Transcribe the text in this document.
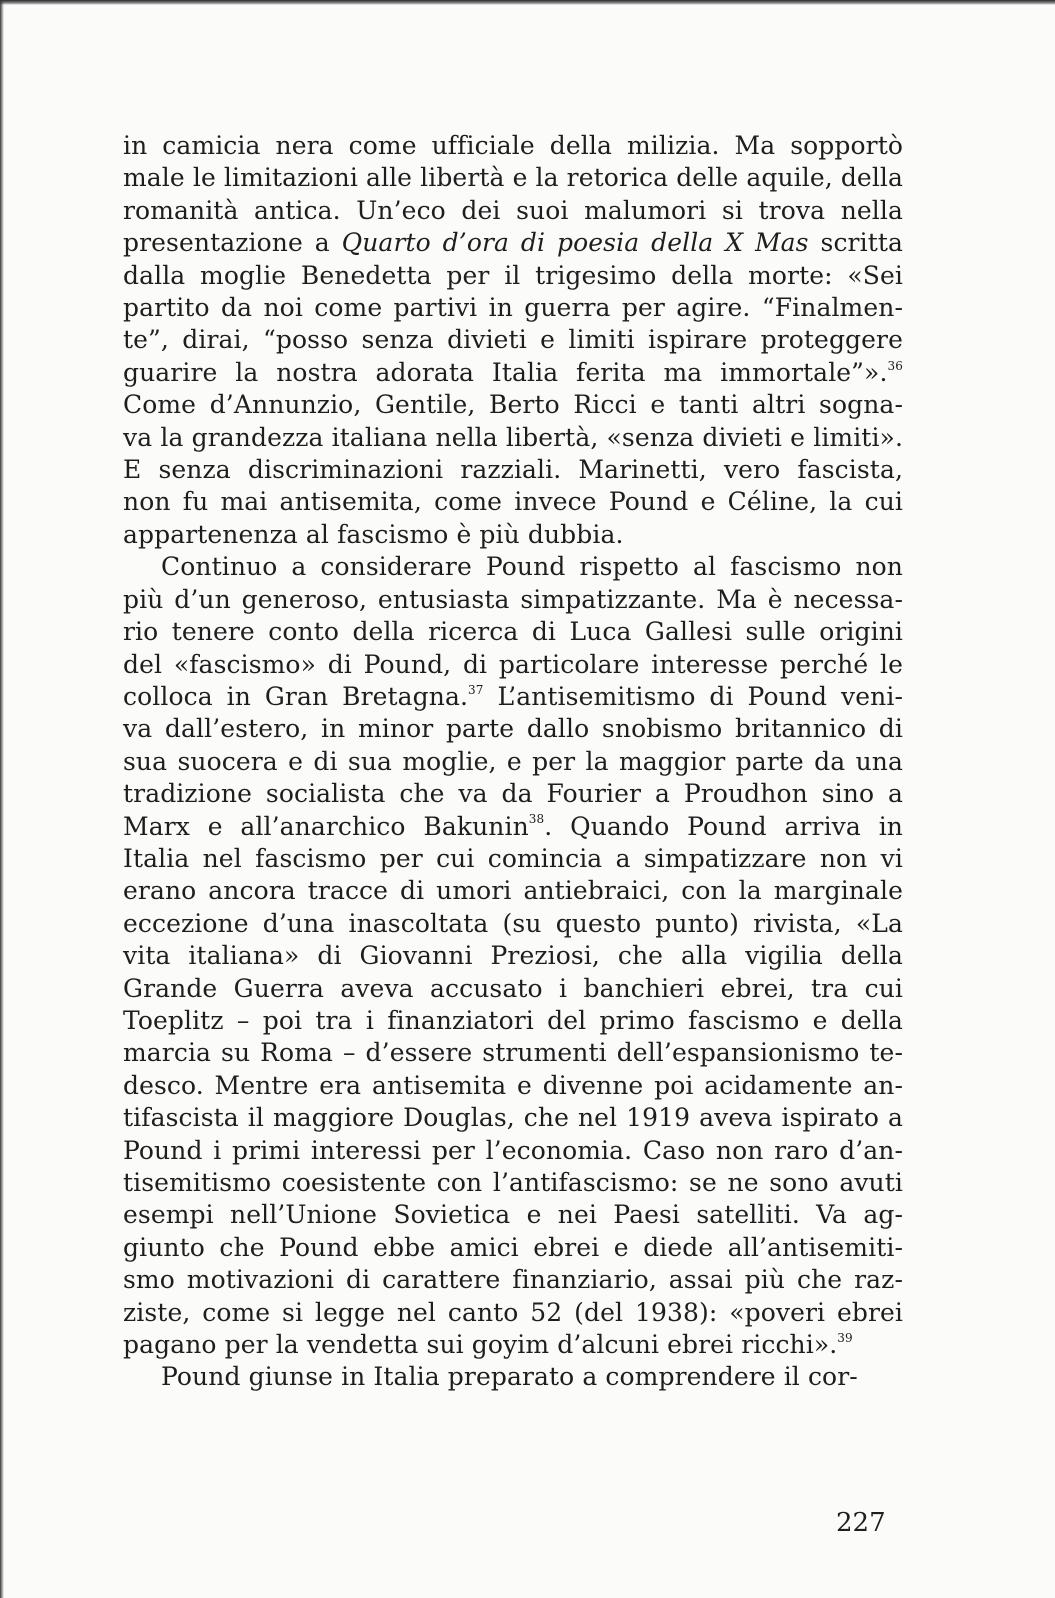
in camicia nera come ufficiale della milizia. Ma sopportò
male le limitazioni alle libertà e la retorica delle aquile, della
romanità antica. Un’eco dei suoi malumori si trova nella
presentazione a Quarto d’ora di poesia della X Mas scritta
dalla moglie Benedetta per il trigesimo della morte: «Sei
partito da noi come partivi in guerra per agire. “Finalmen-
te”, dirai, “posso senza divieti e limiti ispirare proteggere
guarire la nostra adorata Italia ferita ma immortale”».$^{36}$
Come d’Annunzio, Gentile, Berto Ricci e tanti altri sogna-
va la grandezza italiana nella libertà, «senza divieti e limiti».
E senza discriminazioni razziali. Marinetti, vero fascista,
non fu mai antisemita, come invece Pound e Céline, la cui
appartenenza al fascismo è più dubbia.
Continuo a considerare Pound rispetto al fascismo non
più d’un generoso, entusiasta simpatizzante. Ma è necessa-
rio tenere conto della ricerca di Luca Gallesi sulle origini
del «fascismo» di Pound, di particolare interesse perché le
colloca in Gran Bretagna.$^{37}$ L’antisemitismo di Pound veni-
va dall’estero, in minor parte dallo snobismo britannico di
sua suocera e di sua moglie, e per la maggior parte da una
tradizione socialista che va da Fourier a Proudhon sino a
Marx e all’anarchico Bakunin$^{38}$. Quando Pound arriva in
Italia nel fascismo per cui comincia a simpatizzare non vi
erano ancora tracce di umori antiebraici, con la marginale
eccezione d’una inascoltata (su questo punto) rivista, «La
vita italiana» di Giovanni Preziosi, che alla vigilia della
Grande Guerra aveva accusato i banchieri ebrei, tra cui
Toeplitz – poi tra i finanziatori del primo fascismo e della
marcia su Roma – d’essere strumenti dell’espansionismo te-
desco. Mentre era antisemita e divenne poi acidamente an-
tifascista il maggiore Douglas, che nel 1919 aveva ispirato a
Pound i primi interessi per l’economia. Caso non raro d’an-
tisemitismo coesistente con l’antifascismo: se ne sono avuti
esempi nell’Unione Sovietica e nei Paesi satelliti. Va ag-
giunto che Pound ebbe amici ebrei e diede all’antisemiti-
smo motivazioni di carattere finanziario, assai più che raz-
ziste, come si legge nel canto 52 (del 1938): «poveri ebrei
pagano per la vendetta sui goyim d’alcuni ebrei ricchi».$^{39}$
Pound giunse in Italia preparato a comprendere il cor-
227
